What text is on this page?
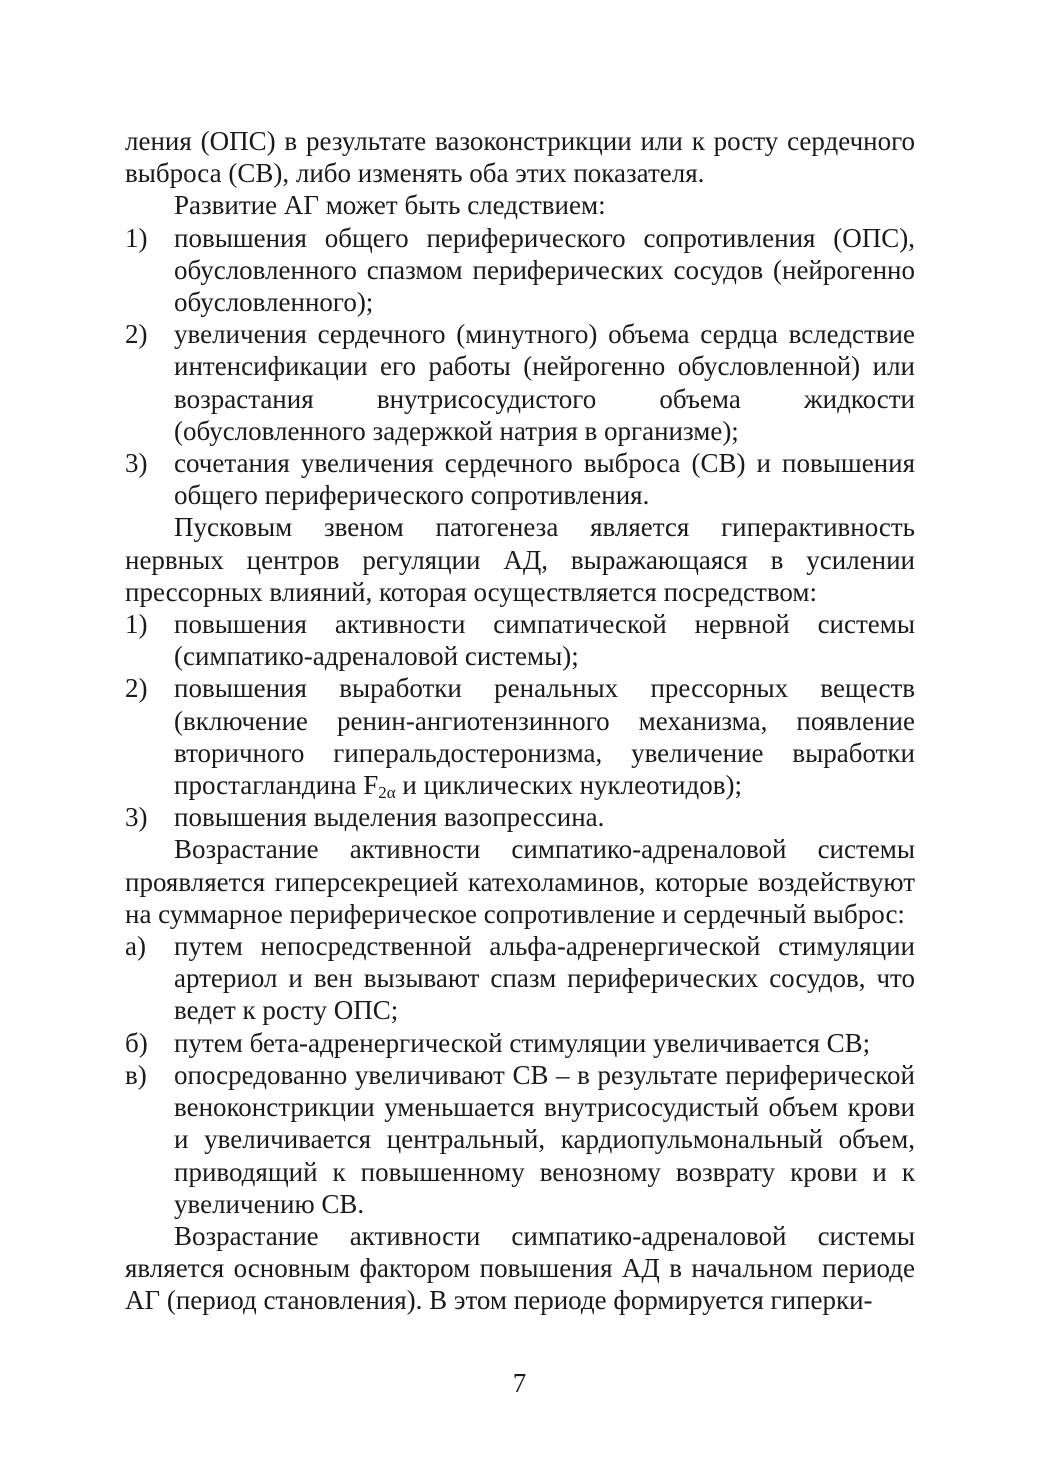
ления (ОПС) в результате вазоконстрикции или к росту сердечного выброса (СВ), либо изменять оба этих показателя.

Развитие АГ может быть следствием:

1) повышения общего периферического сопротивления (ОПС), обусловленного спазмом периферических сосудов (нейрогенно обусловленного);
2) увеличения сердечного (минутного) объема сердца вследствие интенсификации его работы (нейрогенно обусловленной) или возрастания внутрисосудистого объема жидкости (обусловленного задержкой натрия в организме);
3) сочетания увеличения сердечного выброса (СВ) и повышения общего периферического сопротивления.

Пусковым звеном патогенеза является гиперактивность нервных центров регуляции АД, выражающаяся в усилении прессорных влияний, которая осуществляется посредством:

1) повышения активности симпатической нервной системы (симпатико-адреналовой системы);
2) повышения выработки ренальных прессорных веществ (включение ренин-ангиотензинного механизма, появление вторичного гиперальдостеронизма, увеличение выработки простагландина $F_{2\alpha}$ и циклических нуклеотидов);
3) повышения выделения вазопрессина.

Возрастание активности симпатико-адреналовой системы проявляется гиперсекрецией катехоламинов, которые воздействуют на суммарное периферическое сопротивление и сердечный выброс:

а)	путем непосредственной альфа-адренергической стимуляции артериол и вен вызывают спазм периферических сосудов, что ведет к росту ОПС;
б) путем бета-адренергической стимуляции увеличивается СВ;
в)	опосредованно увеличивают СВ – в результате периферической веноконстрикции уменьшается внутрисосудистый объем крови и увеличивается центральный, кардиопульмональный объем, приводящий к повышенному венозному возврату крови и к увеличению СВ.

Возрастание активности симпатико-адреналовой системы является основным фактором повышения АД в начальном периоде АГ (период становления). В этом периоде формируется гиперки-

7
